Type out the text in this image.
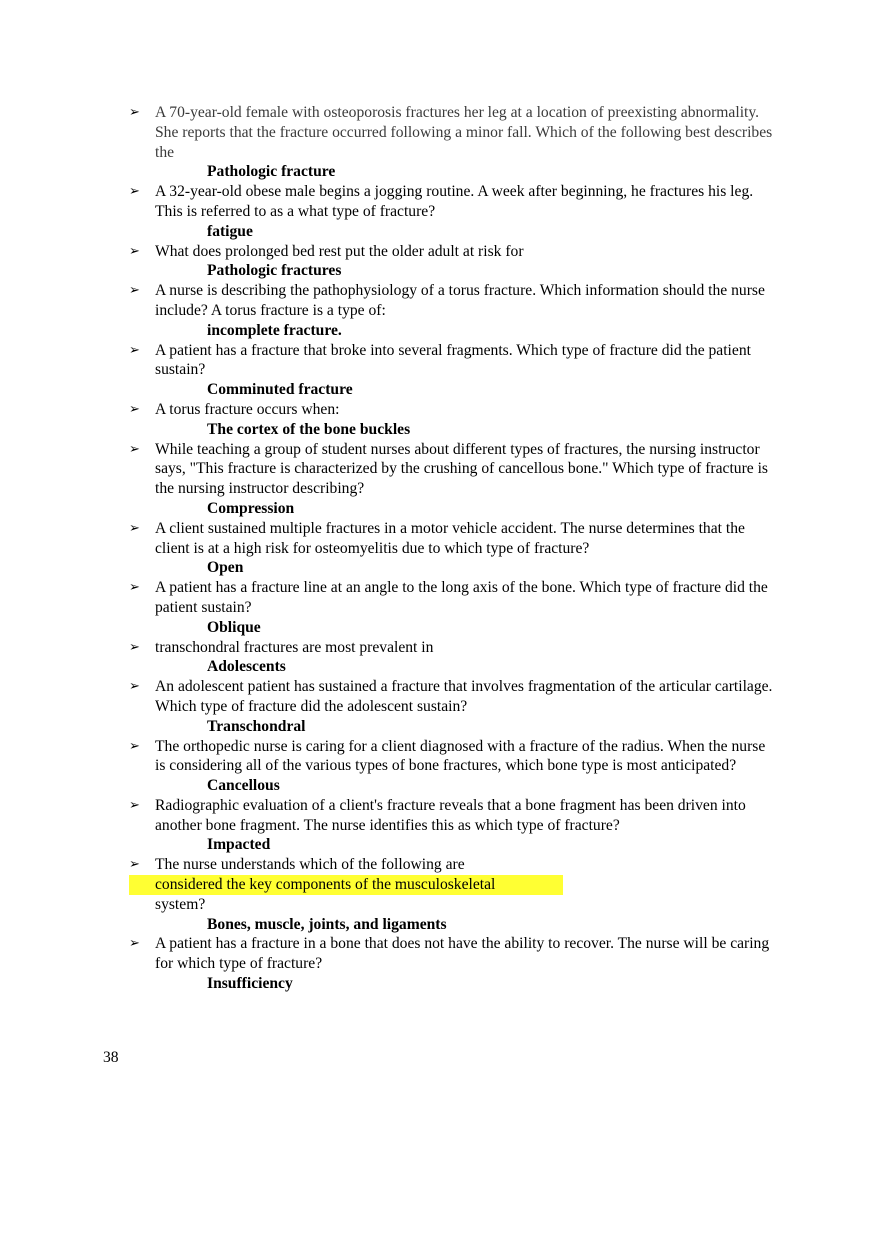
➢ A 70-year-old female with osteoporosis fractures her leg at a location of preexisting abnormality. She reports that the fracture occurred following a minor fall. Which of the following best describes the
Pathologic fracture
➢ A 32-year-old obese male begins a jogging routine. A week after beginning, he fractures his leg. This is referred to as a what type of fracture?
fatigue
➢ What does prolonged bed rest put the older adult at risk for
Pathologic fractures
➢ A nurse is describing the pathophysiology of a torus fracture. Which information should the nurse include? A torus fracture is a type of:
incomplete fracture.
➢ A patient has a fracture that broke into several fragments. Which type of fracture did the patient sustain?
Comminuted fracture
➢ A torus fracture occurs when:
The cortex of the bone buckles
➢ While teaching a group of student nurses about different types of fractures, the nursing instructor says, "This fracture is characterized by the crushing of cancellous bone." Which type of fracture is the nursing instructor describing?
Compression
➢ A client sustained multiple fractures in a motor vehicle accident. The nurse determines that the client is at a high risk for osteomyelitis due to which type of fracture?
Open
➢ A patient has a fracture line at an angle to the long axis of the bone. Which type of fracture did the patient sustain?
Oblique
➢ transchondral fractures are most prevalent in
Adolescents
➢ An adolescent patient has sustained a fracture that involves fragmentation of the articular cartilage. Which type of fracture did the adolescent sustain?
Transchondral
➢ The orthopedic nurse is caring for a client diagnosed with a fracture of the radius. When the nurse is considering all of the various types of bone fractures, which bone type is most anticipated?
Cancellous
➢ Radiographic evaluation of a client's fracture reveals that a bone fragment has been driven into another bone fragment. The nurse identifies this as which type of fracture?
Impacted
➢ The nurse understands which of the following are
considered the key components of the musculoskeletal
system?
Bones, muscle, joints, and ligaments
➢ A patient has a fracture in a bone that does not have the ability to recover. The nurse will be caring for which type of fracture?
Insufficiency
38
